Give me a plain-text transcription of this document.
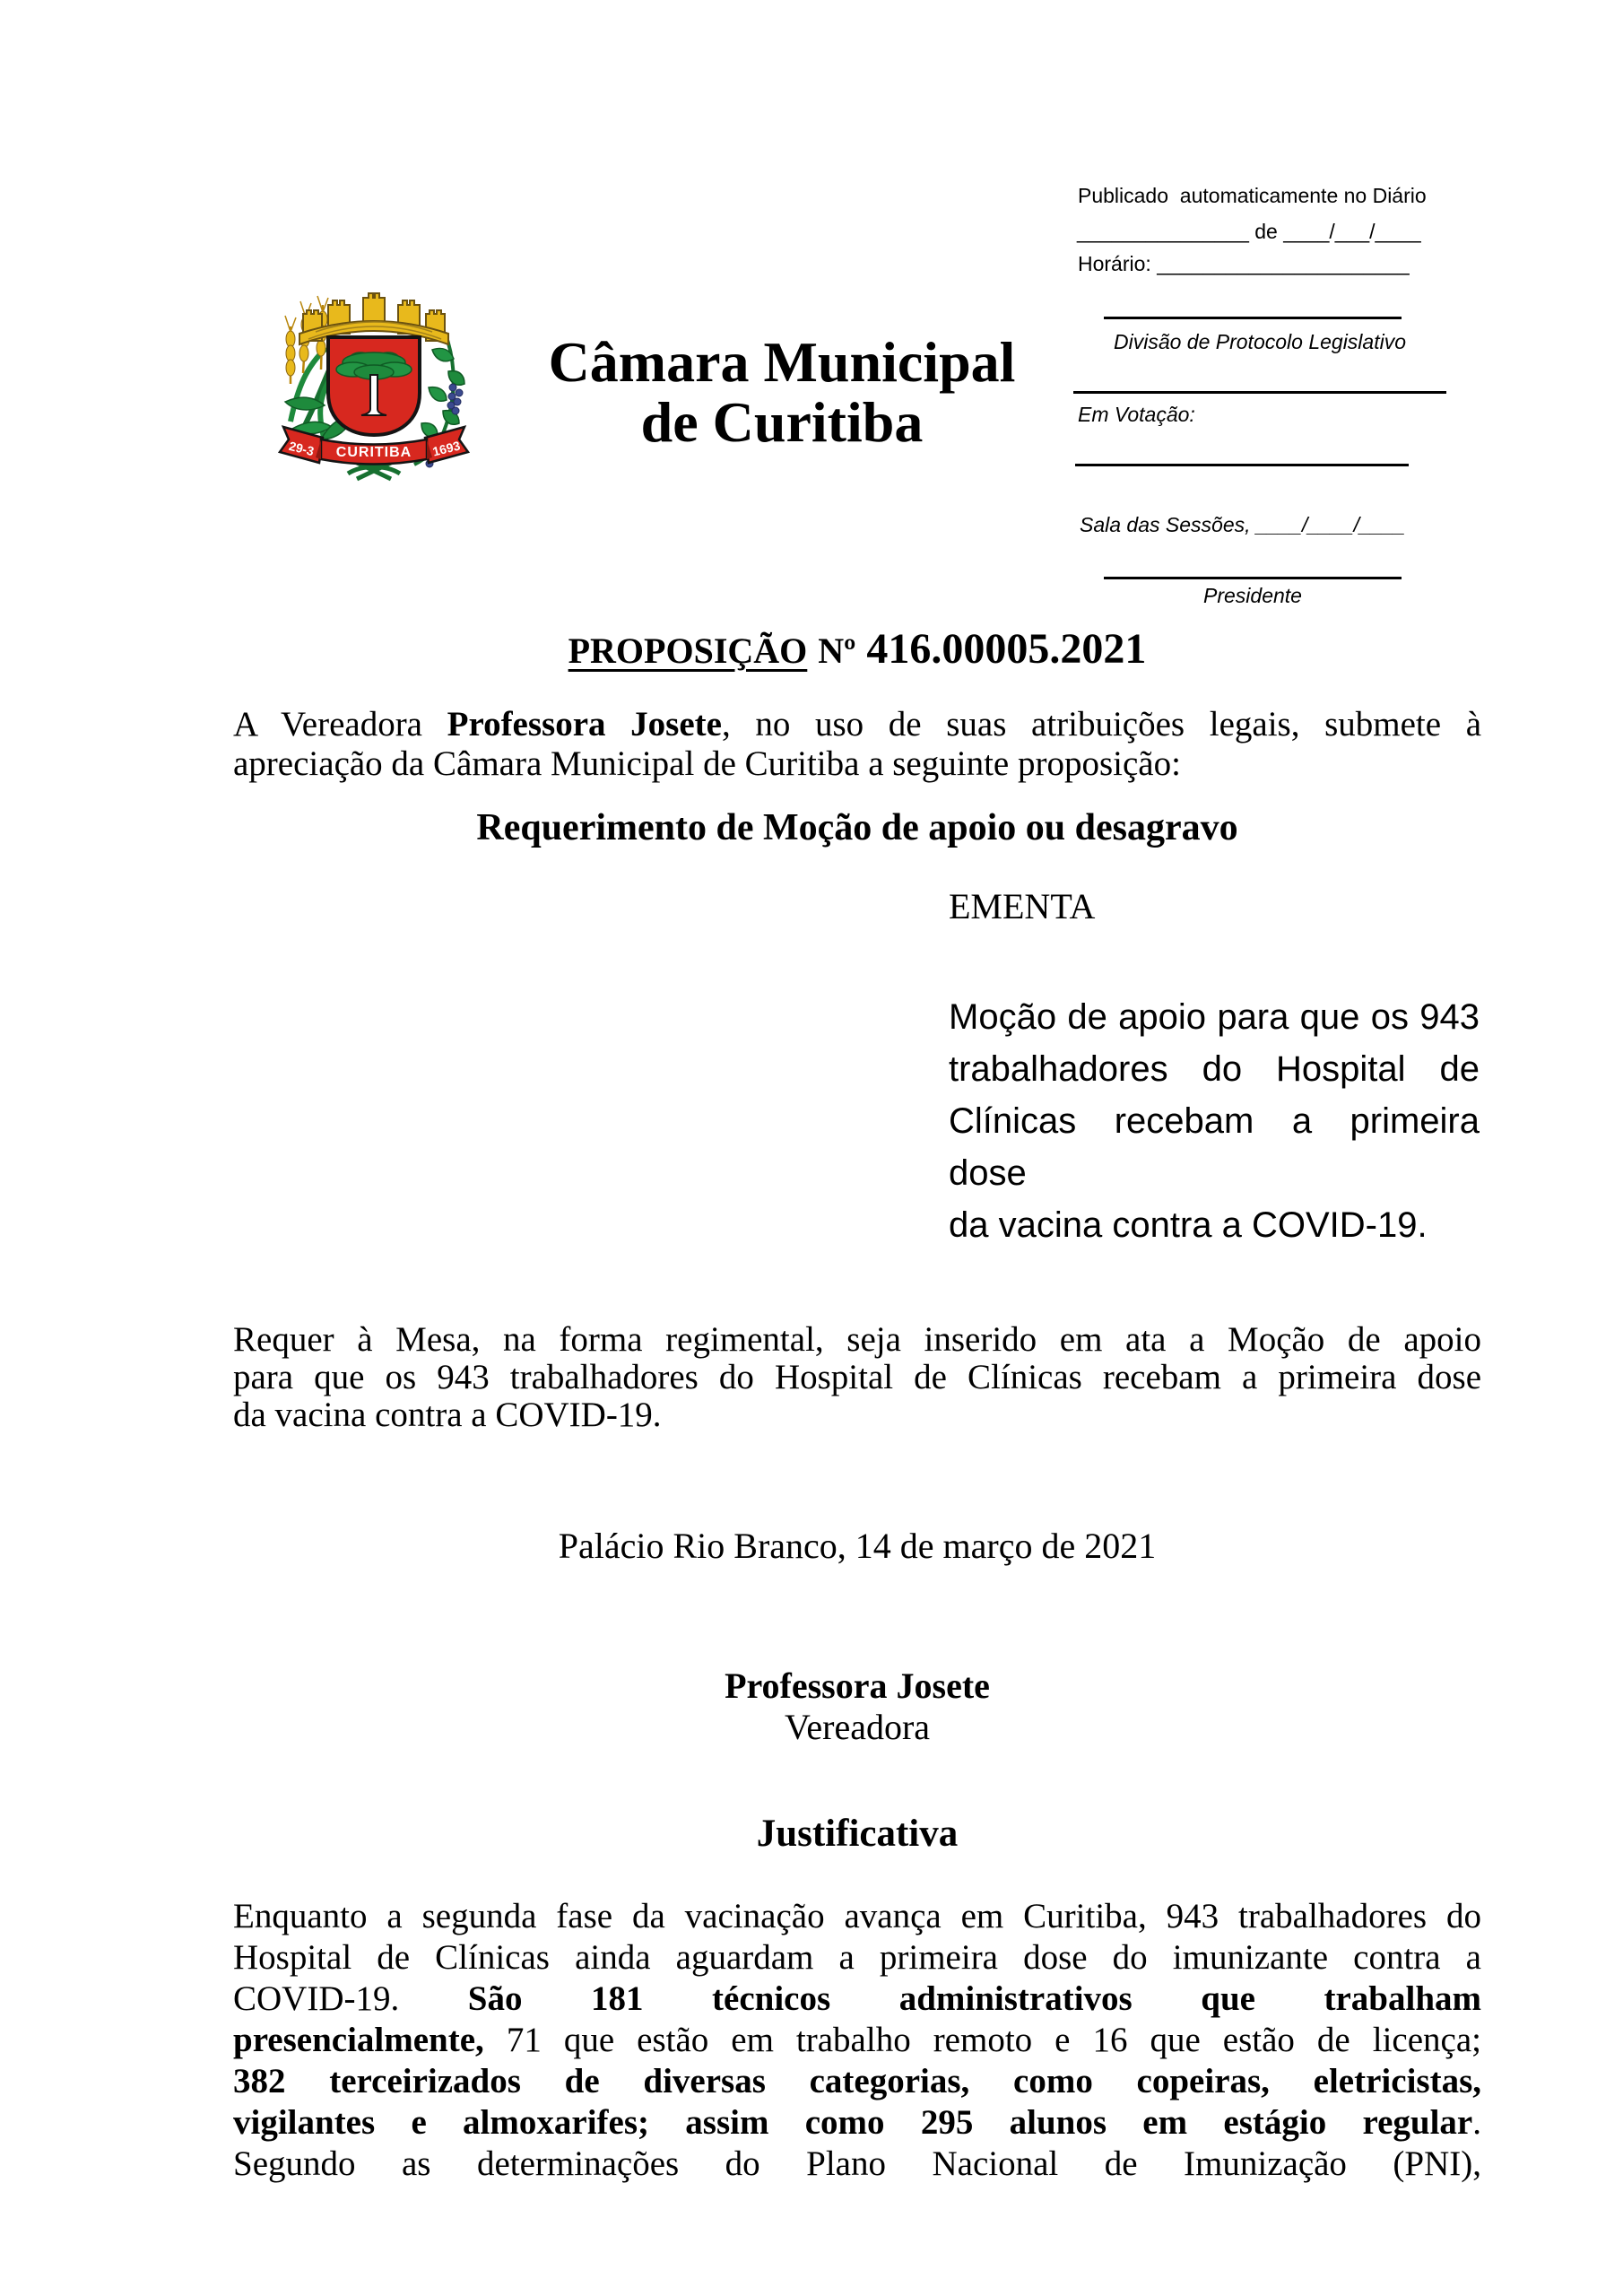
Publicado  automaticamente no Diário
_______________ de ____/___/____
Horário: ______________________
Divisão de Protocolo Legislativo
Em Votação:
Sala das Sessões, ____/____/____
Presidente
CURITIBA
29-3	1693
Câmara Municipal
de Curitiba
PROPOSIÇÃO Nº 416.00005.2021
A Vereadora Professora Josete, no uso de suas atribuições legais, submete à
apreciação da Câmara Municipal de Curitiba a seguinte proposição:
Requerimento de Moção de apoio ou desagravo
EMENTA
Moção de apoio para que os 943
trabalhadores do Hospital de
Clínicas recebam a primeira dose
da vacina contra a COVID-19.
Requer à Mesa, na forma regimental, seja inserido em ata a Moção de apoio
para que os 943 trabalhadores do Hospital de Clínicas recebam a primeira dose
da vacina contra a COVID-19.
Palácio Rio Branco, 14 de março de 2021
Professora Josete
Vereadora
Justificativa
Enquanto a segunda fase da vacinação avança em Curitiba, 943 trabalhadores do
Hospital de Clínicas ainda aguardam a primeira dose do imunizante contra a
COVID-19. São 181 técnicos administrativos que trabalham
presencialmente, 71 que estão em trabalho remoto e 16 que estão de licença;
382 terceirizados de diversas categorias, como copeiras, eletricistas,
vigilantes e almoxarifes; assim como 295 alunos em estágio regular.
Segundo as determinações do Plano Nacional de Imunização (PNI),
